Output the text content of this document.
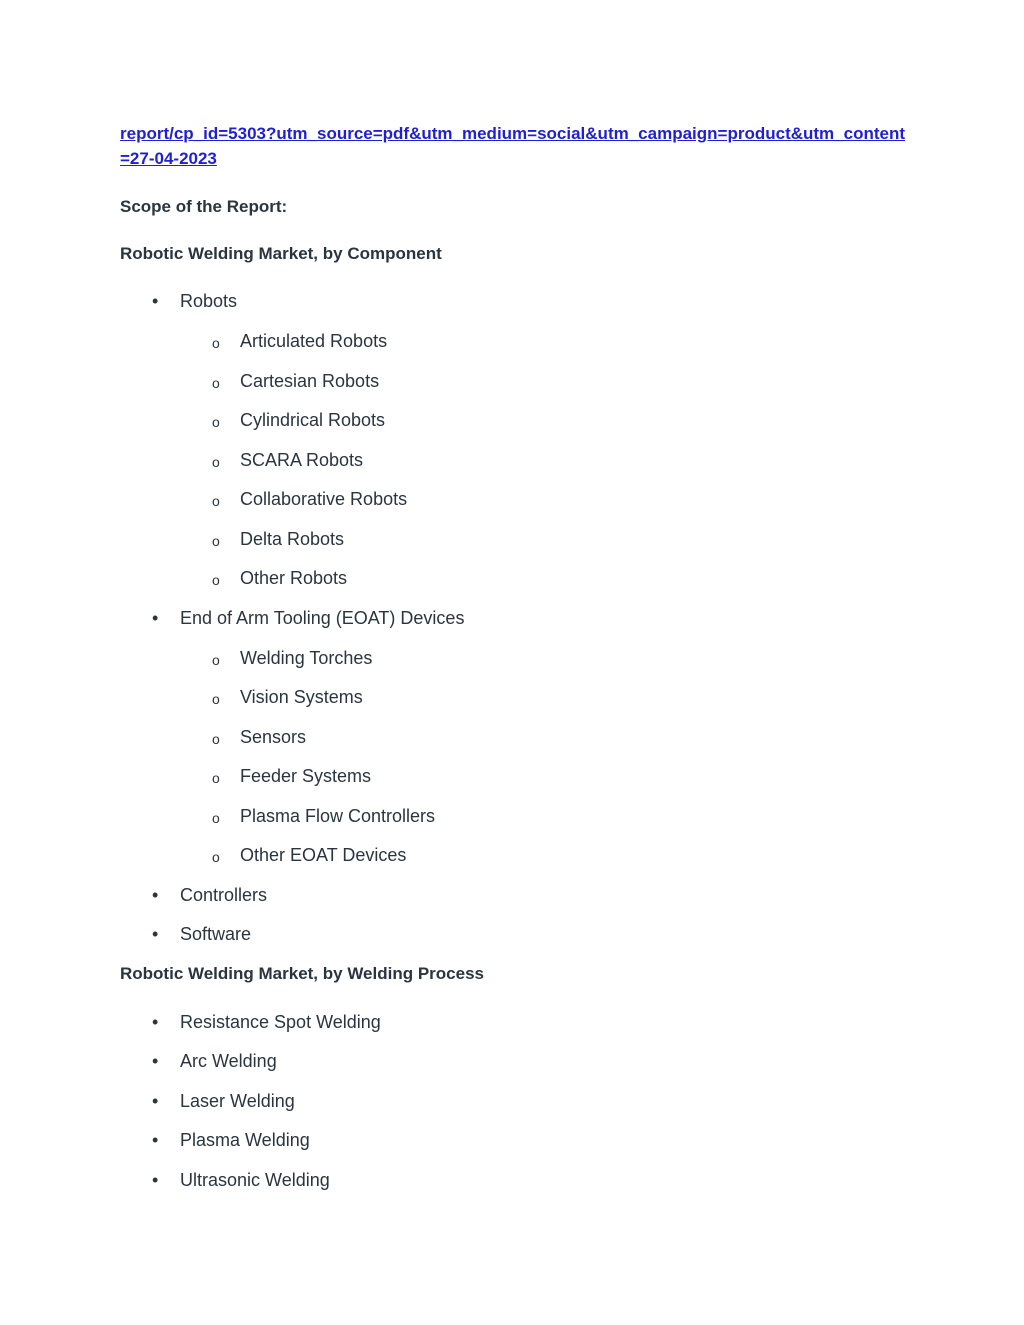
report/cp_id=5303?utm_source=pdf&utm_medium=social&utm_campaign=product&utm_content=27-04-2023
Scope of the Report:
Robotic Welding Market, by Component
• Robots
o Articulated Robots
o Cartesian Robots
o Cylindrical Robots
o SCARA Robots
o Collaborative Robots
o Delta Robots
o Other Robots
• End of Arm Tooling (EOAT) Devices
o Welding Torches
o Vision Systems
o Sensors
o Feeder Systems
o Plasma Flow Controllers
o Other EOAT Devices
• Controllers
• Software
Robotic Welding Market, by Welding Process
• Resistance Spot Welding
• Arc Welding
• Laser Welding
• Plasma Welding
• Ultrasonic Welding
